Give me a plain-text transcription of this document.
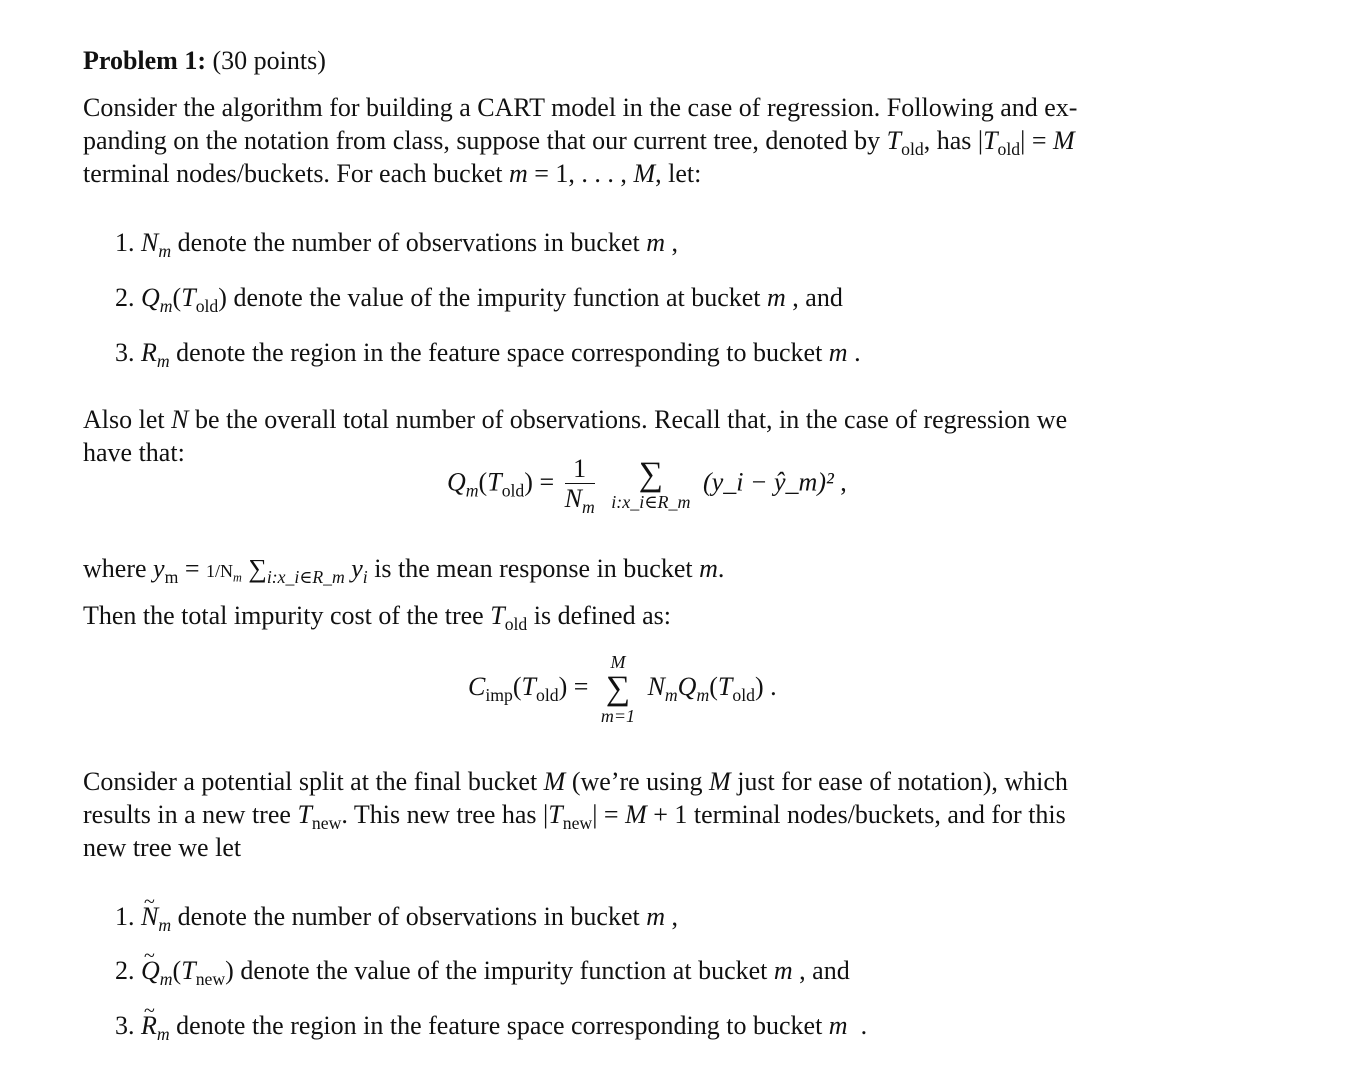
Problem 1: (30 points)
Consider the algorithm for building a CART model in the case of regression. Following and ex-
panding on the notation from class, suppose that our current tree, denoted by $T_{old}$, has $|T_{old}| = M$
terminal nodes/buckets. For each bucket m = 1, . . . , M, let:
1. $N_m$ denote the number of observations in bucket m ,
2. $Q_m(T_{old})$ denote the value of the impurity function at bucket m , and
3. $R_m$ denote the region in the feature space corresponding to bucket m .
Also let N be the overall total number of observations. Recall that, in the case of regression we
have that:
$Q_m(T_{old}) = \frac{1}{N_m}$
	∑
i:x_i∈R_m
(y_i − ŷ_m)² ,
where $y_m = 1/N_m$ $\sum_{i:x\_i\in R\_m}$ $y_i$ is the mean response in bucket m.
Then the total impurity cost of the tree $T_{old}$ is defined as:
$C_{imp}(T_{old})$ =
M
∑
m=1
$N_mQ_m(T_{old})$ .
Consider a potential split at the final bucket M (we’re using M just for ease of notation), which
results in a new tree $T_{new}$. This new tree has $|T_{new}| = M + 1$ terminal nodes/buckets, and for this
new tree we let
1. ~ $N_m$ denote the number of observations in bucket m ,
2. ~ $Q_m(T_{new})$ denote the value of the impurity function at bucket m , and
3. ~ $R_m$ denote the region in the feature space corresponding to bucket m  .
